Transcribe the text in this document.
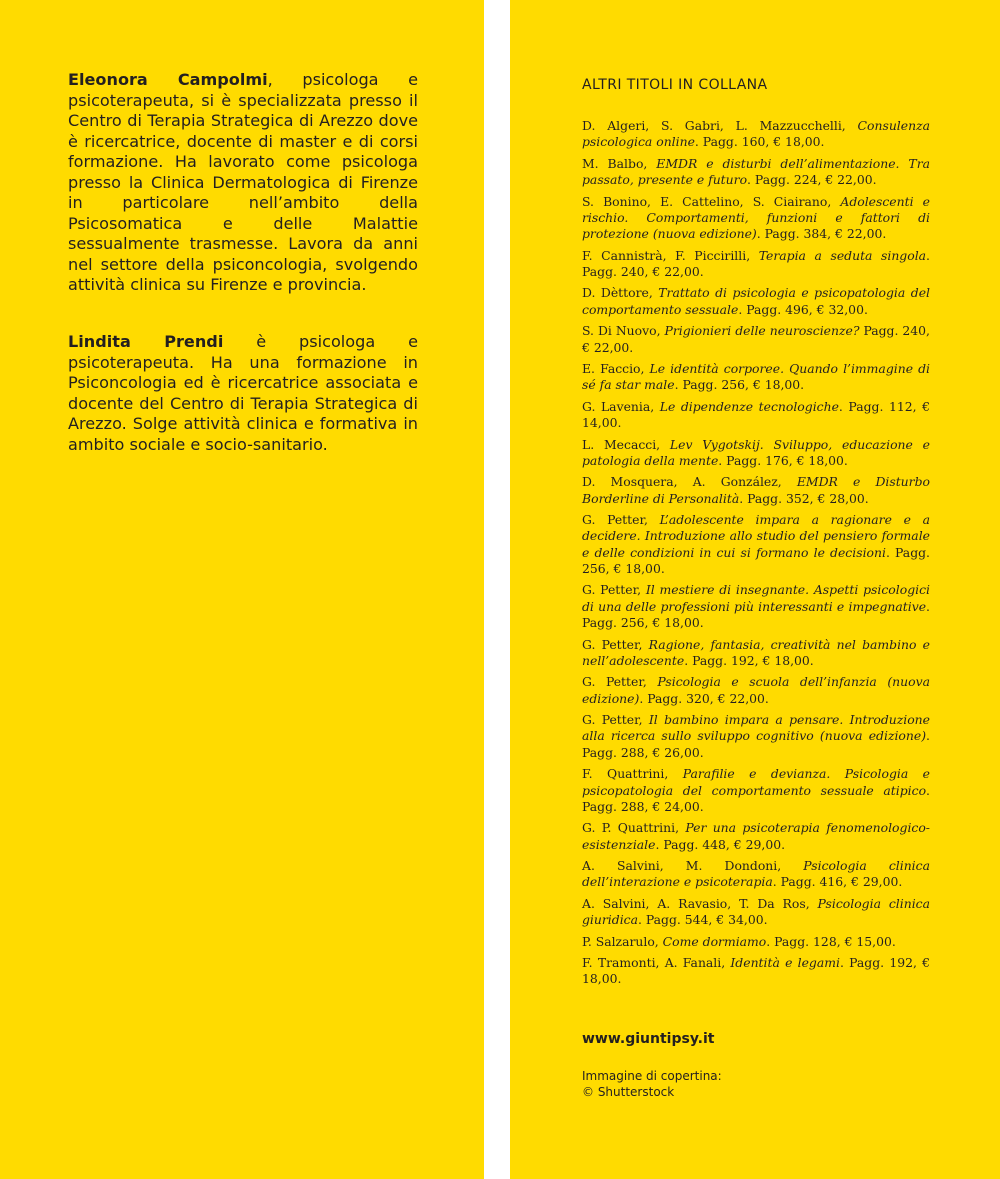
Eleonora Campolmi, psicologa e psicoterapeuta, si è specializzata presso il Centro di Terapia Strategica di Arezzo dove è ricercatrice, docente di master e di corsi formazione. Ha lavorato come psicologa presso la Clinica Dermatologica di Firenze in particolare nell’ambito della Psicosomatica e delle Malattie sessualmente trasmesse. Lavora da anni nel settore della psiconcologia, svolgendo attività clinica su Firenze e provincia.

Lindita Prendi è psicologa e psicoterapeuta. Ha una formazione in Psiconcologia ed è ricercatrice associata e docente del Centro di Terapia Strategica di Arezzo. Solge attività clinica e formativa in ambito sociale e socio-sanitario.

ALTRI TITOLI IN COLLANA
D. Algeri, S. Gabri, L. Mazzucchelli, Consulenza psicologica online. Pagg. 160, € 18,00.
M. Balbo, EMDR e disturbi dell’alimentazione. Tra passato, presente e futuro. Pagg. 224, € 22,00.
S. Bonino, E. Cattelino, S. Ciairano, Adolescenti e rischio. Comportamenti, funzioni e fattori di protezione (nuova edizione). Pagg. 384, € 22,00.
F. Cannistrà, F. Piccirilli, Terapia a seduta singola. Pagg. 240, € 22,00.
D. Dèttore, Trattato di psicologia e psicopatologia del comportamento sessuale. Pagg. 496, € 32,00.
S. Di Nuovo, Prigionieri delle neuroscienze? Pagg. 240, € 22,00.
E. Faccio, Le identità corporee. Quando l’immagine di sé fa star male. Pagg. 256, € 18,00.
G. Lavenia, Le dipendenze tecnologiche. Pagg. 112, € 14,00.
L. Mecacci, Lev Vygotskij. Sviluppo, educazione e patologia della mente. Pagg. 176, € 18,00.
D. Mosquera, A. González, EMDR e Disturbo Borderline di Personalità. Pagg. 352, € 28,00.
G. Petter, L’adolescente impara a ragionare e a decidere. Introduzione allo studio del pensiero formale e delle condizioni in cui si formano le decisioni. Pagg. 256, € 18,00.
G. Petter, Il mestiere di insegnante. Aspetti psicologici di una delle professioni più interessanti e impegnative. Pagg. 256, € 18,00.
G. Petter, Ragione, fantasia, creatività nel bambino e nell’adolescente. Pagg. 192, € 18,00.
G. Petter, Psicologia e scuola dell’infanzia (nuova edizione). Pagg. 320, € 22,00.
G. Petter, Il bambino impara a pensare. Introduzione alla ricerca sullo sviluppo cognitivo (nuova edizione). Pagg. 288, € 26,00.
F. Quattrini, Parafilie e devianza. Psicologia e psicopatologia del comportamento sessuale atipico. Pagg. 288, € 24,00.
G. P. Quattrini, Per una psicoterapia fenomenologico-esistenziale. Pagg. 448, € 29,00.
A. Salvini, M. Dondoni, Psicologia clinica dell’interazione e psicoterapia. Pagg. 416, € 29,00.
A. Salvini, A. Ravasio, T. Da Ros, Psicologia clinica giuridica. Pagg. 544, € 34,00.
P. Salzarulo, Come dormiamo. Pagg. 128, € 15,00.
F. Tramonti, A. Fanali, Identità e legami. Pagg. 192, € 18,00.

www.giuntipsy.it

Immagine di copertina:
© Shutterstock
